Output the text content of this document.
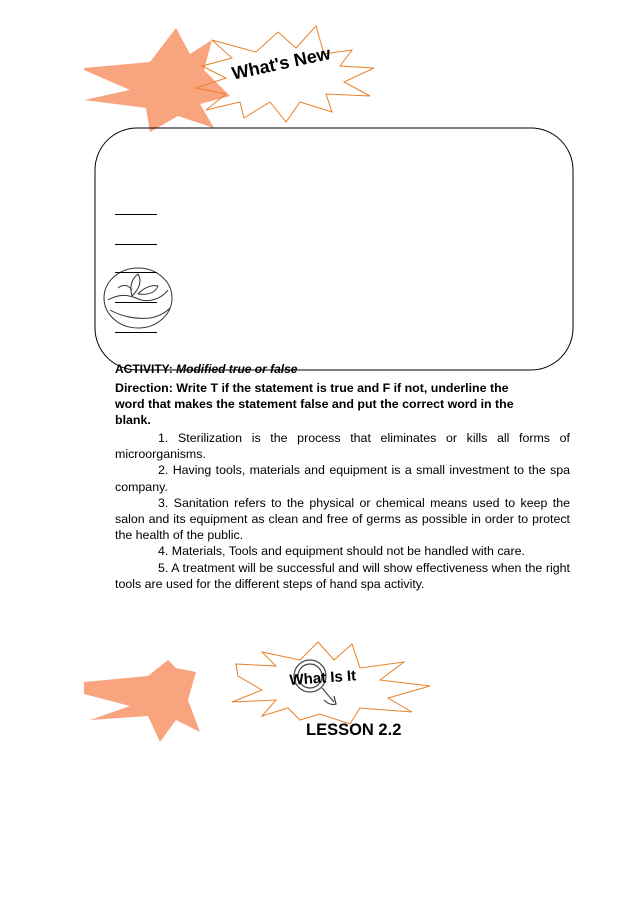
What's New
What Is It
ACTIVITY: Modified true or false
Direction: Write T if the statement is true and F if not, underline the word that makes the statement false and put the correct word in the blank.

1. Sterilization is the process that eliminates or kills all forms of microorganisms.

2. Having tools, materials and equipment is a small investment to the spa company.

3. Sanitation refers to the physical or chemical means used to keep the salon and its equipment as clean and free of germs as possible in order to protect the health of the public.

4. Materials, Tools and equipment should not be handled with care.

5. A treatment will be successful and will show effectiveness when the right tools are used for the different steps of hand spa activity.

LESSON 2.2
